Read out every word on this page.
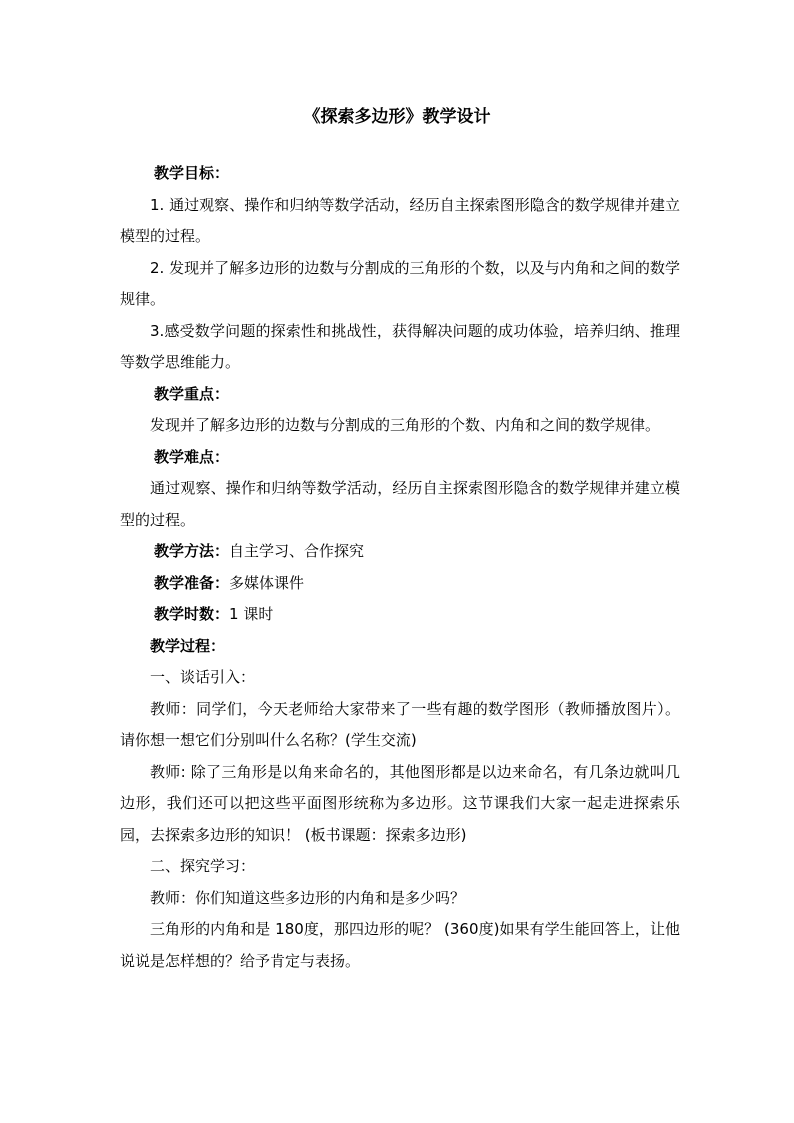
《探索多边形》教学设计

教学目标：

1. 通过观察、操作和归纳等数学活动，经历自主探索图形隐含的数学规律并建立模型的过程。

2. 发现并了解多边形的边数与分割成的三角形的个数，以及与内角和之间的数学规律。

3.感受数学问题的探索性和挑战性，获得解决问题的成功体验，培养归纳、推理等数学思维能力。

教学重点：

发现并了解多边形的边数与分割成的三角形的个数、内角和之间的数学规律。

教学难点：

通过观察、操作和归纳等数学活动，经历自主探索图形隐含的数学规律并建立模型的过程。

教学方法：自主学习、合作探究

教学准备：多媒体课件

教学时数：1 课时

教学过程：

一、谈话引入：

教师：同学们，今天老师给大家带来了一些有趣的数学图形（教师播放图片）。请你想一想它们分别叫什么名称？(学生交流)

教师: 除了三角形是以角来命名的，其他图形都是以边来命名，有几条边就叫几边形，我们还可以把这些平面图形统称为多边形。这节课我们大家一起走进探索乐园，去探索多边形的知识！ (板书课题：探索多边形)

二、探究学习：

教师：你们知道这些多边形的内角和是多少吗？

三角形的内角和是 180度，那四边形的呢？ (360度)如果有学生能回答上，让他说说是怎样想的？给予肯定与表扬。
